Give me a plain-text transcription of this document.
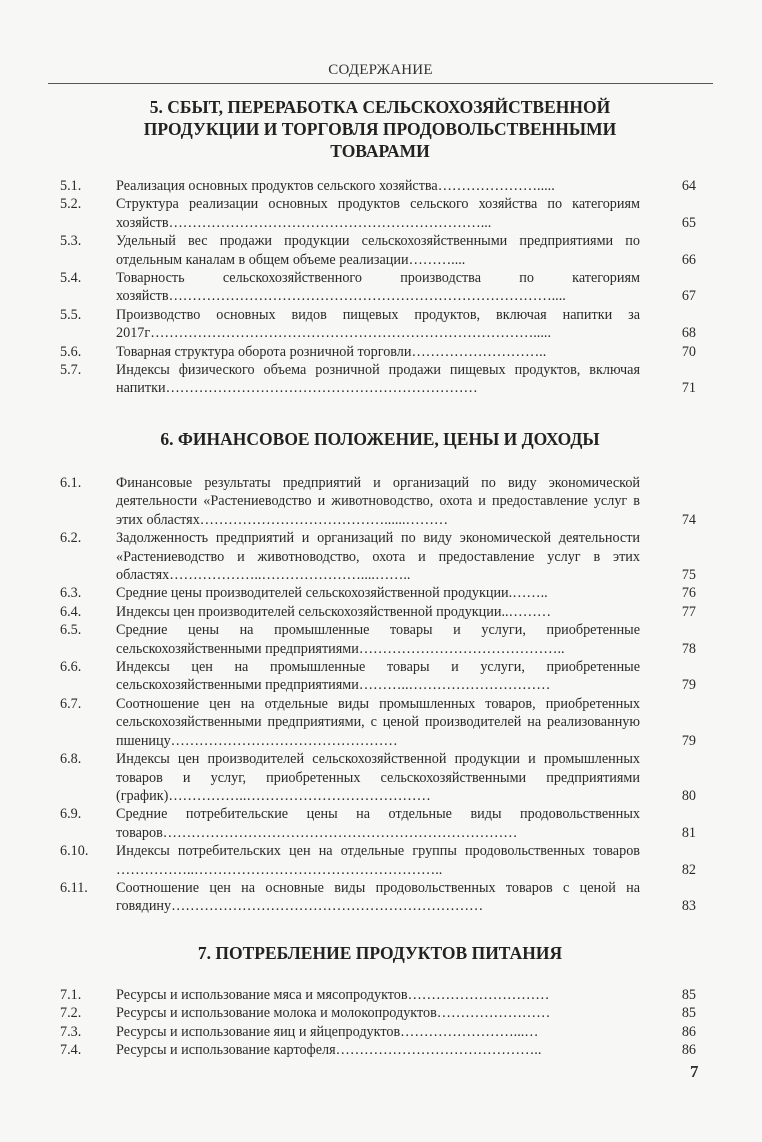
СОДЕРЖАНИЕ
5. СБЫТ, ПЕРЕРАБОТКА СЕЛЬСКОХОЗЯЙСТВЕННОЙ
ПРОДУКЦИИ И ТОРГОВЛЯ ПРОДОВОЛЬСТВЕННЫМИ
ТОВАРАМИ
5.1.	Реализация основных продуктов сельского хозяйства………………….....	64
5.2.	Структура реализации основных продуктов сельского хозяйства по категориям хозяйств…………………………………………………………...	65
5.3.	Удельный вес продажи продукции сельскохозяйственными предприятиями по отдельным каналам в общем объеме реализации………....	66
5.4.	Товарность сельскохозяйственного производства по категориям хозяйств………………………………………………………………………....	67
5.5.	Производство основных видов пищевых продуктов, включая напитки за 2017г……………………………………………………………………….....	68
5.6.	Товарная структура оборота розничной торговли………………………..	70
5.7.	Индексы физического объема розничной продажи пищевых продуктов, включая напитки…………………………………………………………	71
6. ФИНАНСОВОЕ ПОЛОЖЕНИЕ, ЦЕНЫ И ДОХОДЫ
6.1.	Финансовые результаты предприятий и организаций по виду экономической деятельности «Растениеводство и животноводство, охота и предоставление услуг в этих областях…………………………………......………	74
6.2.	Задолженность предприятий и организаций по виду экономической деятельности «Растениеводство и животноводство, охота и предоставление услуг в этих областях………………..…………………....……..	75
6.3.	Средние цены производителей сельскохозяйственной продукции.……..	76
6.4.	Индексы цен производителей сельскохозяйственной продукции..………	77
6.5.	Средние цены на промышленные товары и услуги, приобретенные сельскохозяйственными предприятиями……………………………………..	78
6.6.	Индексы цен на промышленные товары и услуги, приобретенные сельскохозяйственными предприятиями………..…………………………	79
6.7.	Соотношение цен на отдельные виды промышленных товаров, приобретенных сельскохозяйственными предприятиями, с ценой производителей на реализованную пшеницу…………………………………………	79
6.8.	Индексы цен производителей сельскохозяйственной продукции и промышленных товаров и услуг, приобретенных сельскохозяйственными предприятиями (график)……………..…………………………………	80
6.9.	Средние потребительские цены на отдельные виды продовольственных товаров…………………………………………………………………	81
6.10.	Индексы потребительских цен на отдельные группы продовольственных товаров ……………..……………………………………………..	82
6.11.	Соотношение цен на основные виды продовольственных товаров с ценой на говядину…………………………………………………………	83
7. ПОТРЕБЛЕНИЕ ПРОДУКТОВ ПИТАНИЯ
7.1.	Ресурсы и использование мяса и мясопродуктов…………………………	85
7.2.	Ресурсы и использование молока и молокопродуктов……………………	85
7.3.	Ресурсы и использование яиц и яйцепродуктов……………………...…	86
7.4.	Ресурсы и использование картофеля……………………………………..	86
7
